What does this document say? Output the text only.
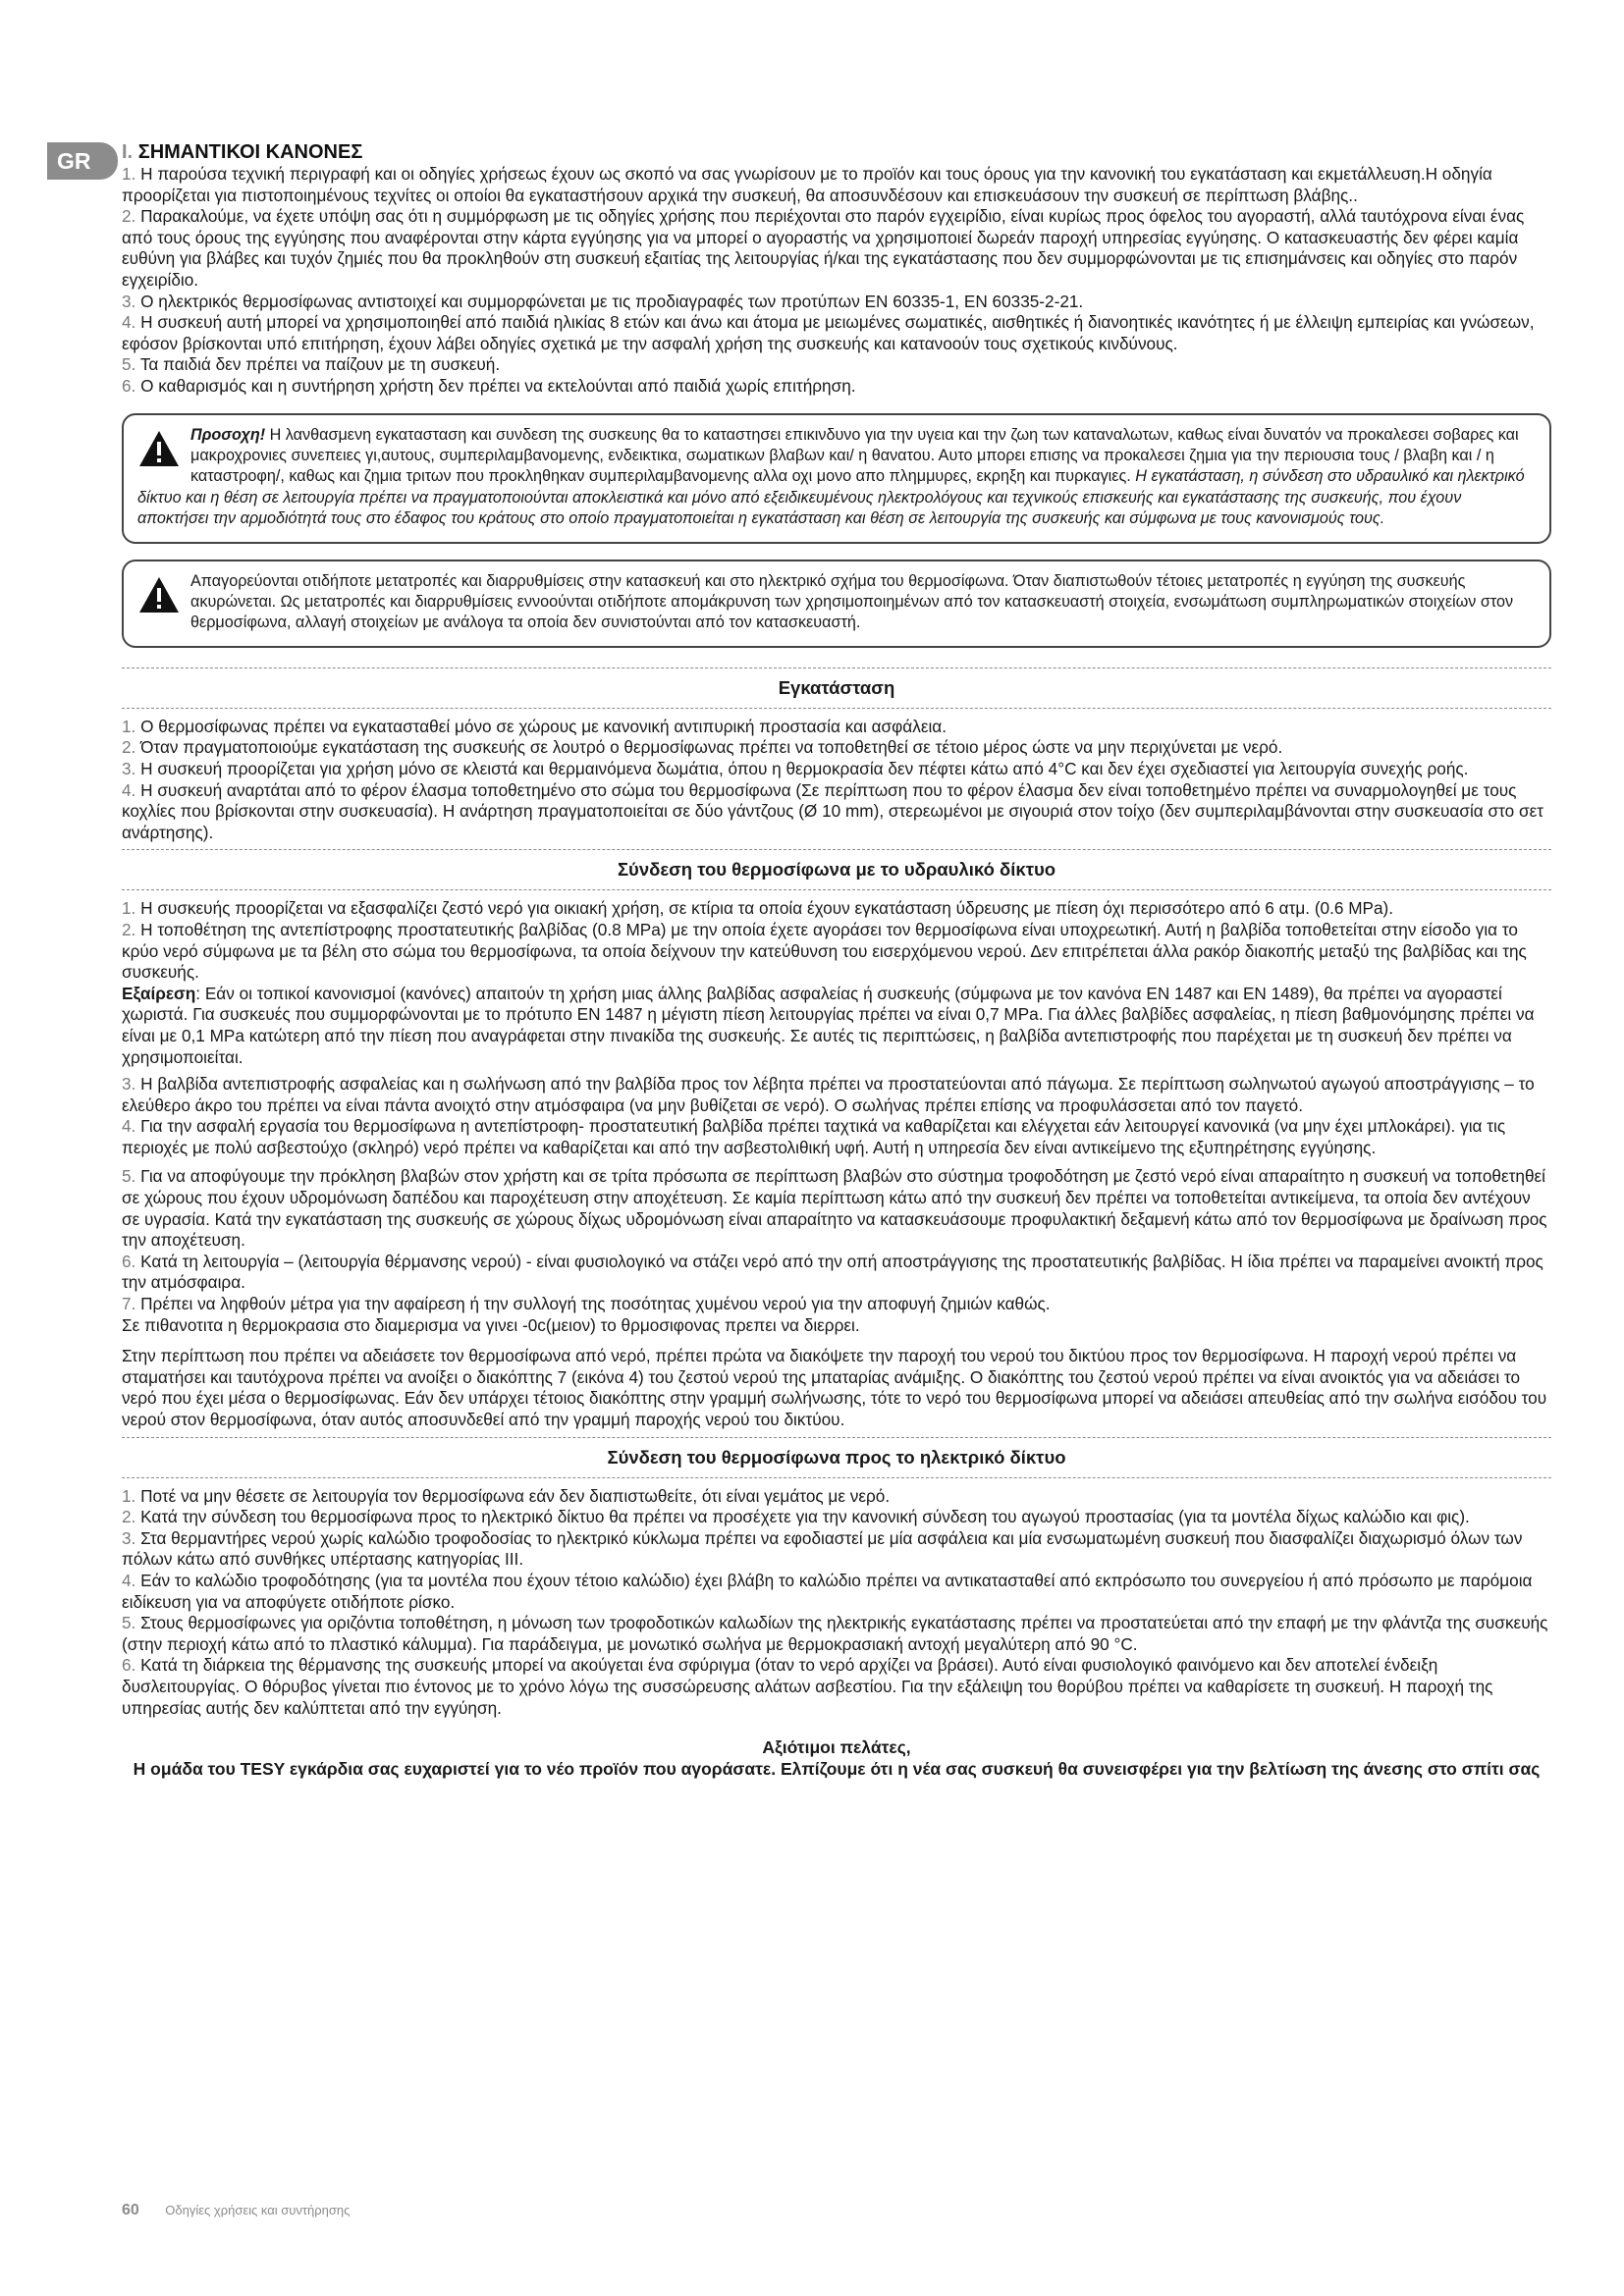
GR	I. ΣΗΜΑΝΤΙΚΟΙ ΚΑΝΟΝΕΣ

1. Η παρούσα τεχνική περιγραφή και οι οδηγίες χρήσεως έχουν ως σκοπό να σας γνωρίσουν με το προϊόν και τους όρους για την κανονική του εγκατάσταση και εκμετάλλευση.Η οδηγία προορίζεται για πιστοποιημένους τεχνίτες οι οποίοι θα εγκαταστήσουν αρχικά την συσκευή, θα αποσυνδέσουν και επισκευάσουν την συσκευή σε περίπτωση βλάβης..

2. Παρακαλούμε, να έχετε υπόψη σας ότι η συμμόρφωση με τις οδηγίες χρήσης που περιέχονται στο παρόν εγχειρίδιο, είναι κυρίως προς όφελος του αγοραστή, αλλά ταυτόχρονα είναι ένας από τους όρους της εγγύησης που αναφέρονται στην κάρτα εγγύησης για να μπορεί ο αγοραστής να χρησιμοποιεί δωρεάν παροχή υπηρεσίας εγγύησης. Ο κατασκευαστής δεν φέρει καμία ευθύνη για βλάβες και τυχόν ζημιές που θα προκληθούν στη συσκευή εξαιτίας της λειτουργίας ή/και της εγκατάστασης που δεν συμμορφώνονται με τις επισημάνσεις και οδηγίες στο παρόν εγχειρίδιο.

3. Ο ηλεκτρικός θερμοσίφωνας αντιστοιχεί και συμμορφώνεται με τις προδιαγραφές των προτύπων EN 60335-1, EN 60335-2-21.

4. Η συσκευή αυτή μπορεί να χρησιμοποιηθεί από παιδιά ηλικίας 8 ετών και άνω και άτομα με μειωμένες σωματικές, αισθητικές ή διανοητικές ικανότητες ή με έλλειψη εμπειρίας και γνώσεων, εφόσον βρίσκονται υπό επιτήρηση, έχουν λάβει οδηγίες σχετικά με την ασφαλή χρήση της συσκευής και κατανοούν τους σχετικούς κινδύνους.

5. Τα παιδιά δεν πρέπει να παίζουν με τη συσκευή.

6. Ο καθαρισμός και η συντήρηση χρήστη δεν πρέπει να εκτελούνται από παιδιά χωρίς επιτήρηση.

Προσοχη! Η λανθασμενη εγκατασταση και συνδεση της συσκευης θα το καταστησει επικινδυνο για την υγεια και την ζωη των καταναλωτων, καθως είναι δυνατόν να προκαλεσει σοβαρες και μακροχρονιες συνεπειες γι,αυτους, συμπεριλαμβανομενης, ενδεικτικα, σωματικων βλαβων και/ η θανατου. Αυτο μπορει επισης να προκαλεσει ζημια για την περιουσια τους / βλαβη και / η καταστροφη/, καθως και ζημια τριτων που προκληθηκαν συμπεριλαμβανομενης αλλα οχι μονο απο πλημμυρες, εκρηξη και πυρκαγιες. Η εγκατάσταση, η σύνδεση στο υδραυλικό και ηλεκτρικό δίκτυο και η θέση σε λειτουργία πρέπει να πραγματοποιούνται αποκλειστικά και μόνο από εξειδικευμένους ηλεκτρολόγους και τεχνικούς επισκευής και εγκατάστασης της συσκευής, που έχουν αποκτήσει την αρμοδιότητά τους στο έδαφος του κράτους στο οποίο πραγματοποιείται η εγκατάσταση και θέση σε λειτουργία της συσκευής και σύμφωνα με τους κανονισμούς τους.

Απαγορεύονται οτιδήποτε μετατροπές και διαρρυθμίσεις στην κατασκευή και στο ηλεκτρικό σχήμα του θερμοσίφωνα. Όταν διαπιστωθούν τέτοιες μετατροπές η εγγύηση της συσκευής ακυρώνεται. Ως μετατροπές και διαρρυθμίσεις εννοούνται οτιδήποτε απομάκρυνση των χρησιμοποιημένων από τον κατασκευαστή στοιχεία, ενσωμάτωση συμπληρωματικών στοιχείων στον θερμοσίφωνα, αλλαγή στοιχείων με ανάλογα τα οποία δεν συνιστούνται από τον κατασκευαστή.

Εγκατάσταση

1. Ο θερμοσίφωνας πρέπει να εγκατασταθεί μόνο σε χώρους με κανονική αντιπυρική προστασία και ασφάλεια.

2. Όταν πραγματοποιούμε εγκατάσταση της συσκευής σε λουτρό ο θερμοσίφωνας πρέπει να τοποθετηθεί σε τέτοιο μέρος ώστε να μην περιχύνεται με νερό.

3. Η συσκευή προορίζεται για χρήση μόνο σε κλειστά και θερμαινόμενα δωμάτια, όπου η θερμοκρασία δεν πέφτει κάτω από 4°C και δεν έχει σχεδιαστεί για λειτουργία συνεχής ροής.

4. Η συσκευή αναρτάται από το φέρον έλασμα τοποθετημένο στο σώμα του θερμοσίφωνα (Σε περίπτωση που το φέρον έλασμα δεν είναι τοποθετημένο πρέπει να συναρμολογηθεί με τους κοχλίες που βρίσκονται στην συσκευασία). Η ανάρτηση πραγματοποιείται σε δύο γάντζους (Ø 10 mm), στερεωμένοι με σιγουριά στον τοίχο (δεν συμπεριλαμβάνονται στην συσκευασία στο σετ ανάρτησης).

Σύνδεση του θερμοσίφωνα με το υδραυλικό δίκτυο

1. Η συσκευής προορίζεται να εξασφαλίζει ζεστό νερό για οικιακή χρήση, σε κτίρια τα οποία έχουν εγκατάσταση ύδρευσης με πίεση όχι περισσότερο από 6 ατμ. (0.6 MPa).

2. Η τοποθέτηση της αντεπίστροφης προστατευτικής βαλβίδας (0.8 MPa) με την οποία έχετε αγοράσει τον θερμοσίφωνα είναι υποχρεωτική. Αυτή η βαλβίδα τοποθετείται στην είσοδο για το κρύο νερό σύμφωνα με τα βέλη στο σώμα του θερμοσίφωνα, τα οποία δείχνουν την κατεύθυνση του εισερχόμενου νερού. Δεν επιτρέπεται άλλα ρακόρ διακοπής μεταξύ της βαλβίδας και της συσκευής.

Εξαίρεση: Εάν οι τοπικοί κανονισμοί (κανόνες) απαιτούν τη χρήση μιας άλλης βαλβίδας ασφαλείας ή συσκευής (σύμφωνα με τον κανόνα EN 1487 και EN 1489), θα πρέπει να αγοραστεί χωριστά. Για συσκευές που συμμορφώνονται με το πρότυπο EN 1487 η μέγιστη πίεση λειτουργίας πρέπει να είναι 0,7 MPa. Για άλλες βαλβίδες ασφαλείας, η πίεση βαθμονόμησης πρέπει να είναι με 0,1 MPa κατώτερη από την πίεση που αναγράφεται στην πινακίδα της συσκευής. Σε αυτές τις περιπτώσεις, η βαλβίδα αντεπιστροφής που παρέχεται με τη συσκευή δεν πρέπει να χρησιμοποιείται.

3. Η βαλβίδα αντεπιστροφής ασφαλείας και η σωλήνωση από την βαλβίδα προς τον λέβητα πρέπει να προστατεύονται από πάγωμα. Σε περίπτωση σωληνωτού αγωγού αποστράγγισης – το ελεύθερο άκρο του πρέπει να είναι πάντα ανοιχτό στην ατμόσφαιρα (να μην βυθίζεται σε νερό). Ο σωλήνας πρέπει επίσης να προφυλάσσεται από τον παγετό.

4. Για την ασφαλή εργασία του θερμοσίφωνα η αντεπίστροφη- προστατευτική βαλβίδα πρέπει ταχτικά να καθαρίζεται και ελέγχεται εάν λειτουργεί κανονικά (να μην έχει μπλοκάρει). για τις περιοχές με πολύ ασβεστούχο (σκληρό) νερό πρέπει να καθαρίζεται και από την ασβεστολιθική υφή. Αυτή η υπηρεσία δεν είναι αντικείμενο της εξυπηρέτησης εγγύησης.

5. Για να αποφύγουμε την πρόκληση βλαβών στον χρήστη και σε τρίτα πρόσωπα σε περίπτωση βλαβών στο σύστημα τροφοδότηση με ζεστό νερό είναι απαραίτητο η συσκευή να τοποθετηθεί σε χώρους που έχουν υδρομόνωση δαπέδου και παροχέτευση στην αποχέτευση. Σε καμία περίπτωση κάτω από την συσκευή δεν πρέπει να τοποθετείται αντικείμενα, τα οποία δεν αντέχουν σε υγρασία. Κατά την εγκατάσταση της συσκευής σε χώρους δίχως υδρομόνωση είναι απαραίτητο να κατασκευάσουμε προφυλακτική δεξαμενή κάτω από τον θερμοσίφωνα με δραίνωση προς την αποχέτευση.

6. Κατά τη λειτουργία – (λειτουργία θέρμανσης νερού) - είναι φυσιολογικό να στάζει νερό από την οπή αποστράγγισης της προστατευτικής βαλβίδας. Η ίδια πρέπει να παραμείνει ανοικτή προς την ατμόσφαιρα.

7. Πρέπει να ληφθούν μέτρα για την αφαίρεση ή την συλλογή της ποσότητας χυμένου νερού για την αποφυγή ζημιών καθώς.

Σε πιθανοτιτα η θερμοκρασια στο διαμερισμα να γινει -0c(μειον) το θρμοσιφονας πρεπει να διερρει.

Στην περίπτωση που πρέπει να αδειάσετε τον θερμοσίφωνα από νερό, πρέπει πρώτα να διακόψετε την παροχή του νερού του δικτύου προς τον θερμοσίφωνα. Η παροχή νερού πρέπει να σταματήσει και ταυτόχρονα πρέπει να ανοίξει ο διακόπτης 7 (εικόνα 4) του ζεστού νερού της μπαταρίας ανάμιξης. Ο διακόπτης του ζεστού νερού πρέπει να είναι ανοικτός για να αδειάσει το νερό που έχει μέσα ο θερμοσίφωνας. Εάν δεν υπάρχει τέτοιος διακόπτης στην γραμμή σωλήνωσης, τότε το νερό του θερμοσίφωνα μπορεί να αδειάσει απευθείας από την σωλήνα εισόδου του νερού στον θερμοσίφωνα, όταν αυτός αποσυνδεθεί από την γραμμή παροχής νερού του δικτύου.

Σύνδεση του θερμοσίφωνα προς το ηλεκτρικό δίκτυο

1. Ποτέ να μην θέσετε σε λειτουργία τον θερμοσίφωνα εάν δεν διαπιστωθείτε, ότι είναι γεμάτος με νερό.

2. Κατά την σύνδεση του θερμοσίφωνα προς το ηλεκτρικό δίκτυο θα πρέπει να προσέχετε για την κανονική σύνδεση του αγωγού προστασίας (για τα μοντέλα δίχως καλώδιο και φις).

3. Στα θερμαντήρες νερού χωρίς καλώδιο τροφοδοσίας το ηλεκτρικό κύκλωμα πρέπει να εφοδιαστεί με μία ασφάλεια και μία ενσωματωμένη συσκευή που διασφαλίζει διαχωρισμό όλων των πόλων κάτω από συνθήκες υπέρτασης κατηγορίας III.

4. Εάν το καλώδιο τροφοδότησης (για τα μοντέλα που έχουν τέτοιο καλώδιο) έχει βλάβη το καλώδιο πρέπει να αντικατασταθεί από εκπρόσωπο του συνεργείου ή από πρόσωπο με παρόμοια ειδίκευση για να αποφύγετε οτιδήποτε ρίσκο.

5. Στους θερμοσίφωνες για οριζόντια τοποθέτηση, η μόνωση των τροφοδοτικών καλωδίων της ηλεκτρικής εγκατάστασης πρέπει να προστατεύεται από την επαφή με την φλάντζα της συσκευής (στην περιοχή κάτω από το πλαστικό κάλυμμα). Για παράδειγμα, με μονωτικό σωλήνα με θερμοκρασιακή αντοχή μεγαλύτερη από 90 °C.

6. Κατά τη διάρκεια της θέρμανσης της συσκευής μπορεί να ακούγεται ένα σφύριγμα (όταν το νερό αρχίζει να βράσει). Αυτό είναι φυσιολογικό φαινόμενο και δεν αποτελεί ένδειξη δυσλειτουργίας. Ο θόρυβος γίνεται πιο έντονος με το χρόνο λόγω της συσσώρευσης αλάτων ασβεστίου. Για την εξάλειψη του θορύβου πρέπει να καθαρίσετε τη συσκευή. Η παροχή της υπηρεσίας αυτής δεν καλύπτεται από την εγγύηση.

Αξιότιμοι πελάτες,
Η ομάδα του TESY εγκάρδια σας ευχαριστεί για το νέο προϊόν που αγοράσατε. Ελπίζουμε ότι η νέα σας συσκευή θα συνεισφέρει για την βελτίωση της άνεσης στο σπίτι σας
60 Οδηγίες χρήσεις και συντήρησης
